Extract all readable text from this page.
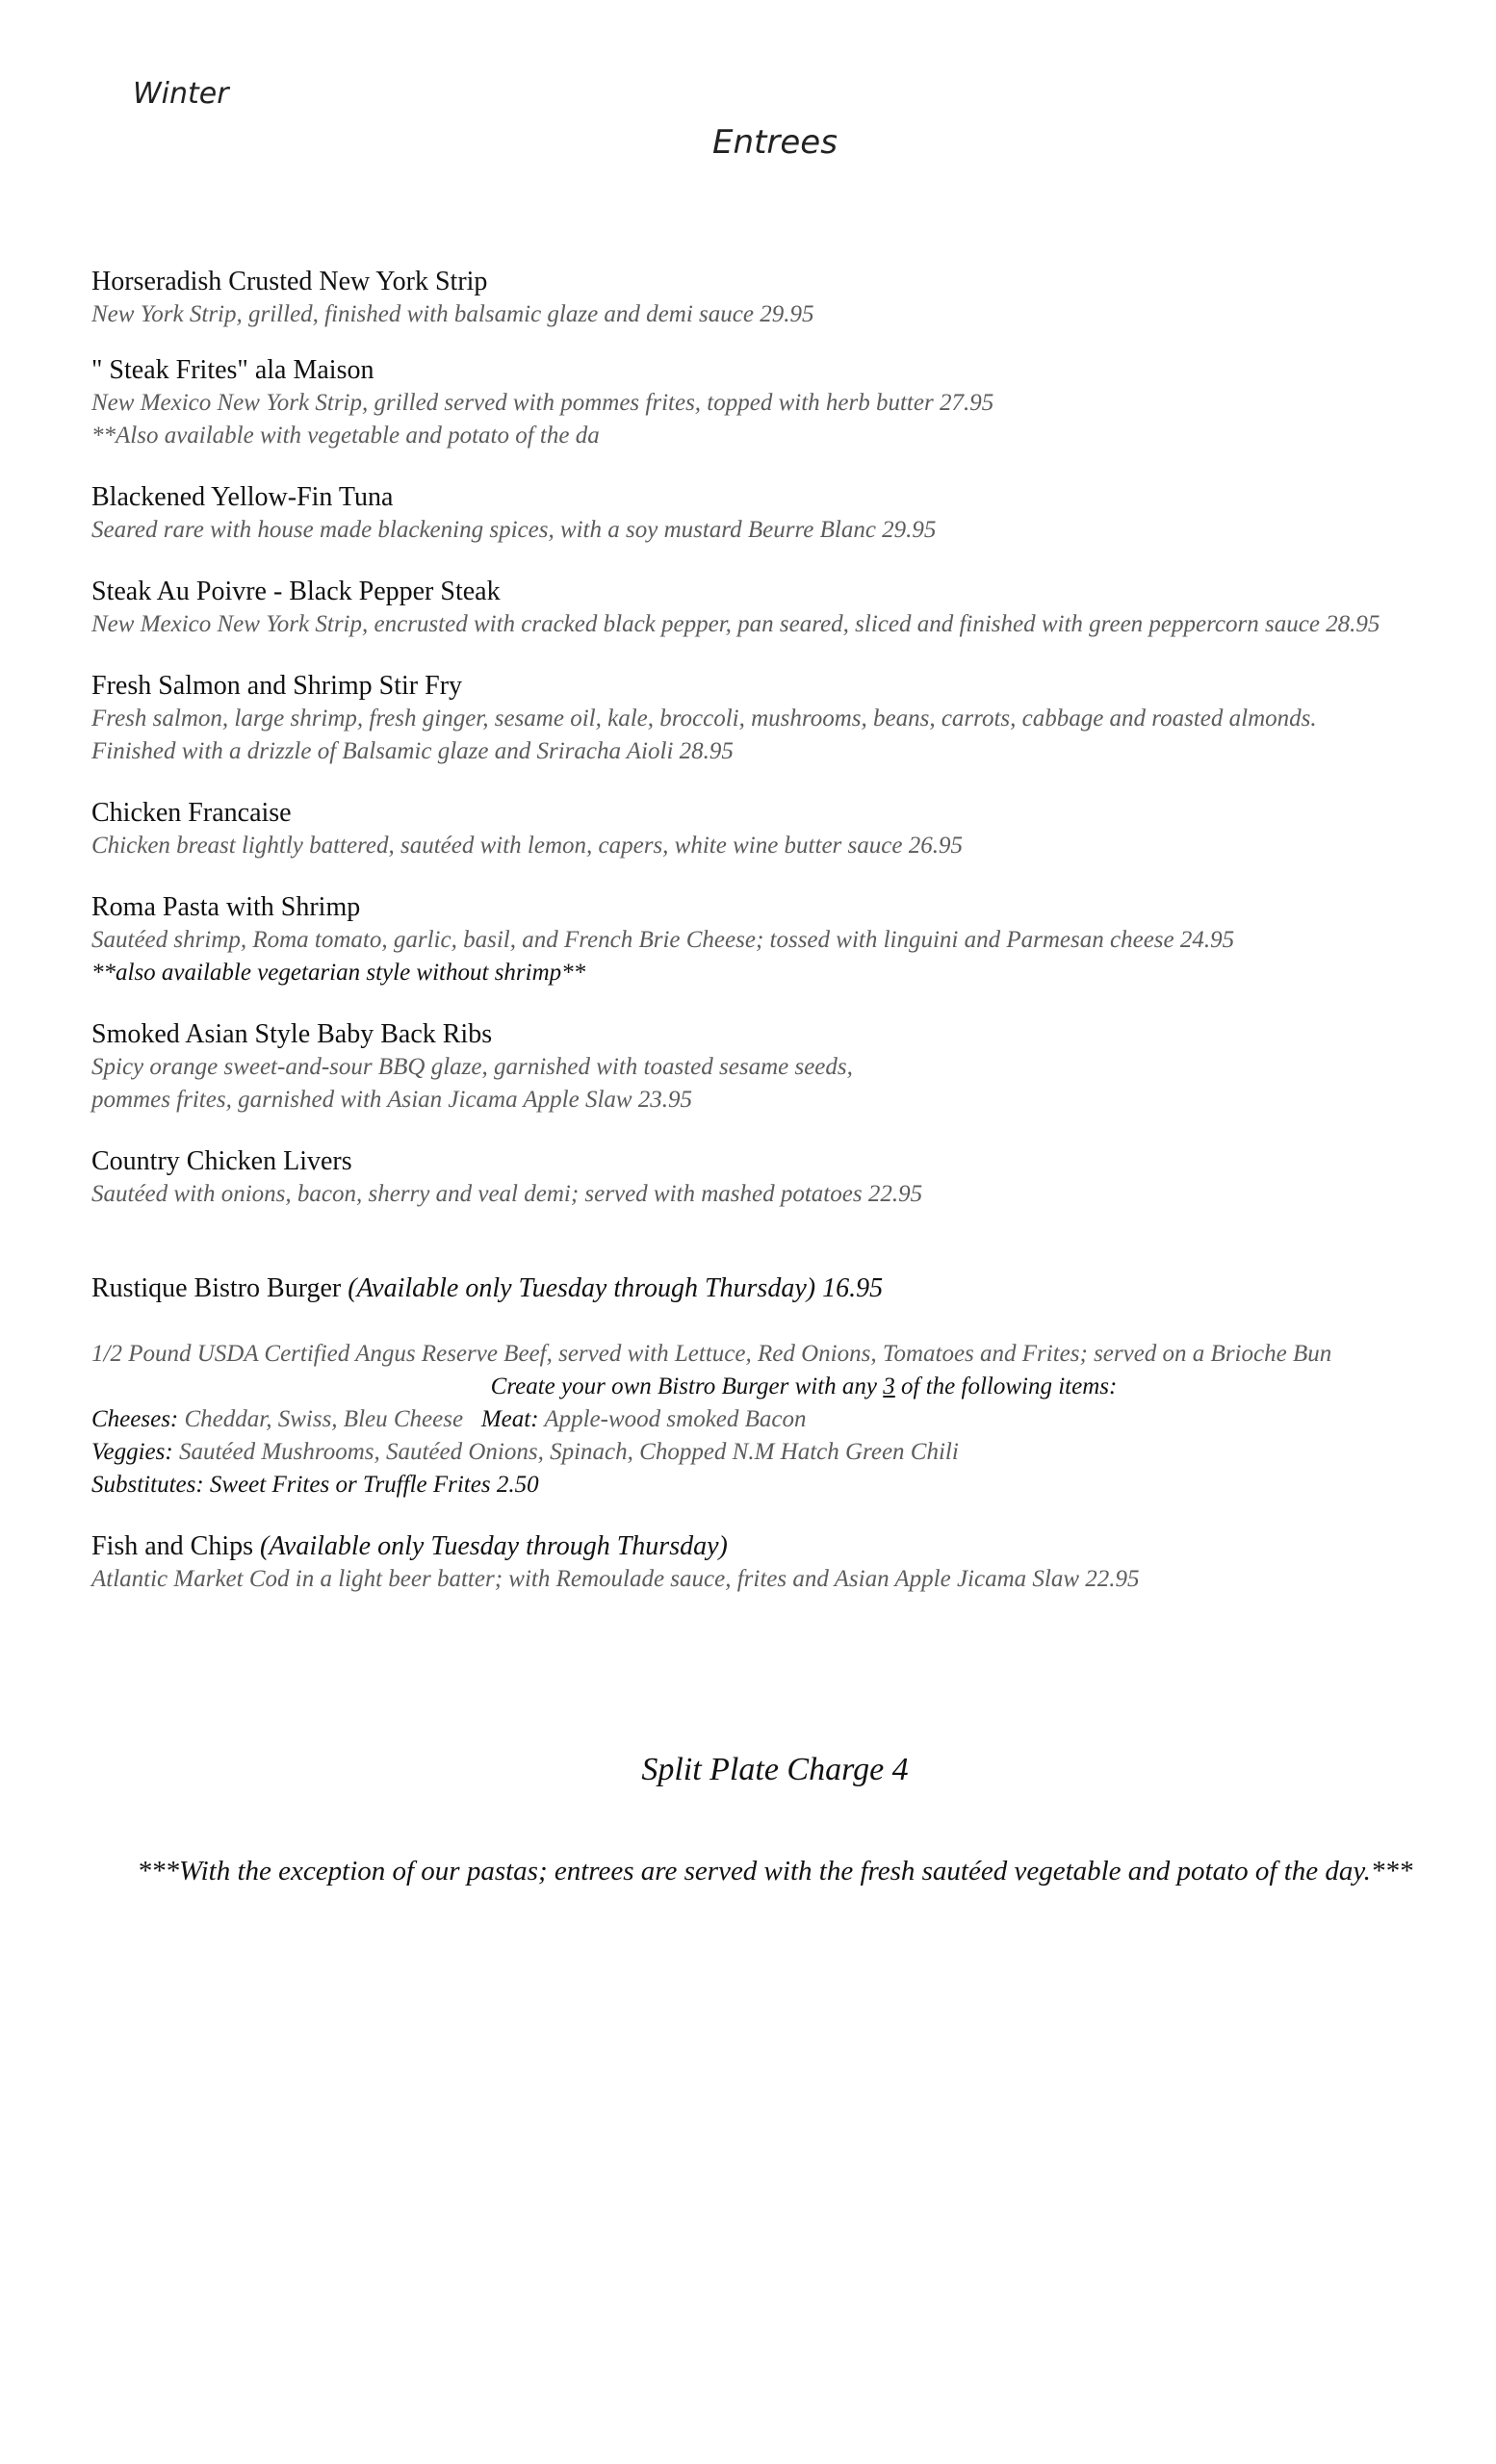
Winter
Entrees
Horseradish Crusted New York Strip
New York Strip, grilled, finished with balsamic glaze and demi sauce 29.95
" Steak Frites" ala Maison
New Mexico New York Strip, grilled served with pommes frites, topped with herb butter 27.95
**Also available with vegetable and potato of the da
Blackened Yellow-Fin Tuna
Seared rare with house made blackening spices, with a soy mustard Beurre Blanc 29.95
Steak Au Poivre - Black Pepper Steak
New Mexico New York Strip, encrusted with cracked black pepper, pan seared, sliced and finished with green peppercorn sauce 28.95
Fresh Salmon and Shrimp Stir Fry
Fresh salmon, large shrimp, fresh ginger, sesame oil, kale, broccoli, mushrooms, beans, carrots, cabbage and roasted almonds.
Finished with a drizzle of Balsamic glaze and Sriracha Aioli 28.95
Chicken Francaise
Chicken breast lightly battered, sautéed with lemon, capers, white wine butter sauce 26.95
Roma Pasta with Shrimp
Sautéed shrimp, Roma tomato, garlic, basil, and French Brie Cheese; tossed with linguini and Parmesan cheese 24.95
**also available vegetarian style without shrimp**
Smoked Asian Style Baby Back Ribs
Spicy orange sweet-and-sour BBQ glaze, garnished with toasted sesame seeds,
pommes frites, garnished with Asian Jicama Apple Slaw 23.95
Country Chicken Livers
Sautéed with onions, bacon, sherry and veal demi; served with mashed potatoes 22.95
Rustique Bistro Burger (Available only Tuesday through Thursday) 16.95
1/2 Pound USDA Certified Angus Reserve Beef, served with Lettuce, Red Onions, Tomatoes and Frites; served on a Brioche Bun
Create your own Bistro Burger with any 3 of the following items:
Cheeses: Cheddar, Swiss, Bleu Cheese Meat: Apple-wood smoked Bacon
Veggies: Sautéed Mushrooms, Sautéed Onions, Spinach, Chopped N.M Hatch Green Chili
Substitutes: Sweet Frites or Truffle Frites 2.50
Fish and Chips (Available only Tuesday through Thursday)
Atlantic Market Cod in a light beer batter; with Remoulade sauce, frites and Asian Apple Jicama Slaw 22.95
Split Plate Charge 4
***With the exception of our pastas; entrees are served with the fresh sautéed vegetable and potato of the day.***
